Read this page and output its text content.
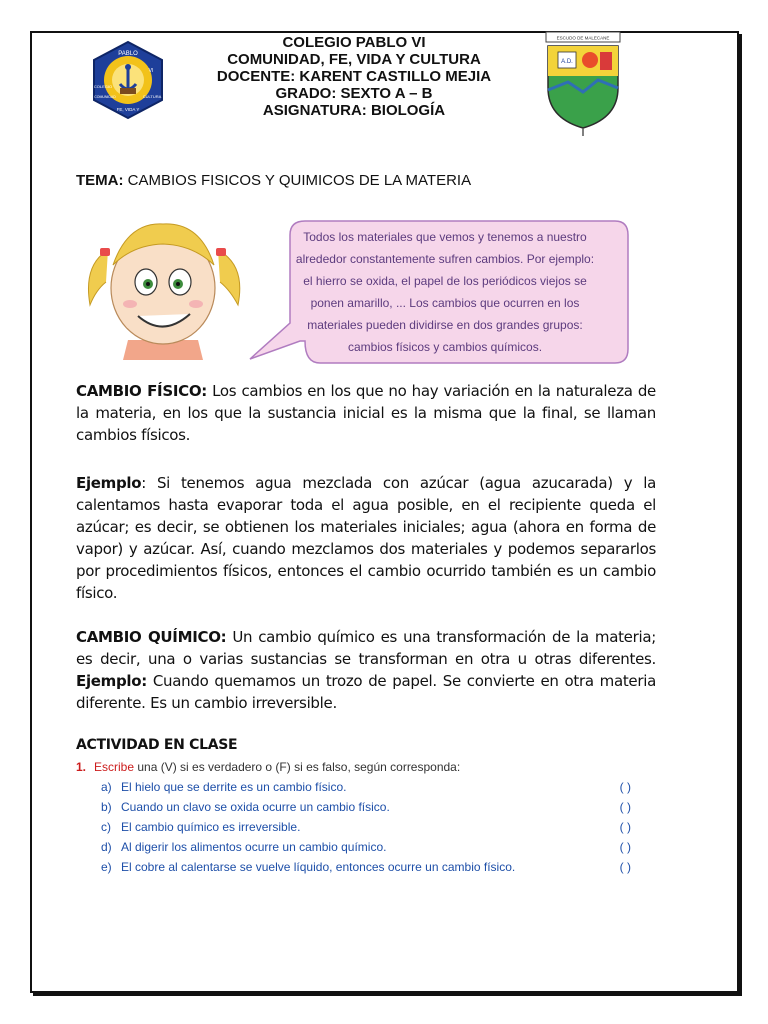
PABLO
VI
FE, VIDA Y
CULTURA
COLEGIO
COMUNIDAD
COLEGIO PABLO VI
COMUNIDAD, FE, VIDA Y CULTURA
DOCENTE: KARENT CASTILLO MEJIA
GRADO: SEXTO A – B
ASIGNATURA: BIOLOGÍA
ESCUDO DE MALECANE
A.D.
TEMA: CAMBIOS FISICOS Y QUIMICOS DE LA MATERIA
Todos los materiales que vemos y tenemos a nuestro
alrededor constantemente sufren cambios. Por ejemplo:
el hierro se oxida, el papel de los periódicos viejos se
ponen amarillo, ... Los cambios que ocurren en los
materiales pueden dividirse en dos grandes grupos:
cambios físicos y cambios químicos.
CAMBIO FÍSICO: Los cambios en los que no hay variación en la naturaleza de la materia, en los que la sustancia inicial es la misma que la final, se llaman cambios físicos.
Ejemplo: Si tenemos agua mezclada con azúcar (agua azucarada) y la calentamos hasta evaporar toda el agua posible, en el recipiente queda el azúcar; es decir, se obtienen los materiales iniciales; agua (ahora en forma de vapor) y azúcar. Así, cuando mezclamos dos materiales y podemos separarlos por procedimientos físicos, entonces el cambio ocurrido también es un cambio físico.
CAMBIO QUÍMICO: Un cambio químico es una transformación de la materia; es decir, una o varias sustancias se transforman en otra u otras diferentes. Ejemplo: Cuando quemamos un trozo de papel. Se convierte en otra materia diferente. Es un cambio irreversible.
ACTIVIDAD EN CLASE
1. Escribe una (V) si es verdadero o (F) si es falso, según corresponda:
a) El hielo que se derrite es un cambio físico.	( )
b) Cuando un clavo se oxida ocurre un cambio físico.	( )
c) El cambio químico es irreversible.	( )
d) Al digerir los alimentos ocurre un cambio químico.	( )
e) El cobre al calentarse se vuelve líquido, entonces ocurre un cambio físico.	( )
